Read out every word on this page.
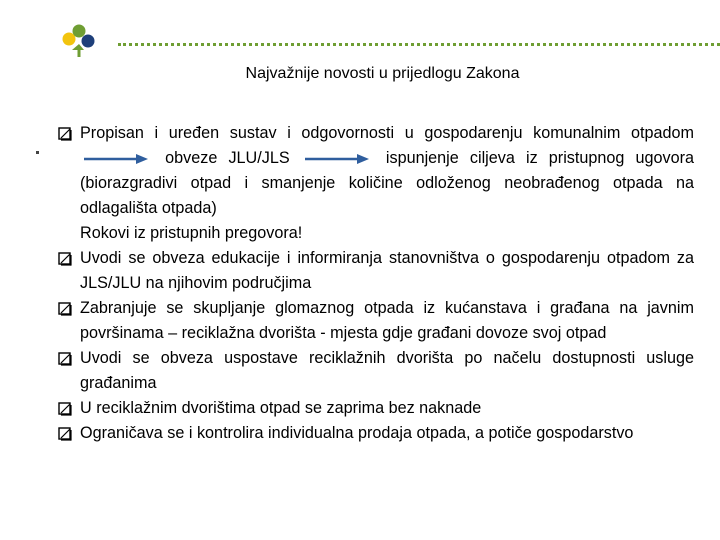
Najvažnije novosti u prijedlogu Zakona
Propisan i uređen sustav i odgovornosti u gospodarenju komunalnim otpadom  obveze JLU/JLS	ispunjenje ciljeva iz pristupnog ugovora (biorazgradivi otpad i smanjenje količine odloženog neobrađenog otpada na odlagališta otpada)
Rokovi iz pristupnih pregovora!
Uvodi se obveza edukacije i informiranja stanovništva o gospodarenju otpadom za JLS/JLU na njihovim područjima
Zabranjuje se skupljanje glomaznog otpada iz kućanstava i građana na javnim površinama – reciklažna dvorišta - mjesta gdje građani dovoze svoj otpad
Uvodi se obveza uspostave reciklažnih dvorišta po načelu dostupnosti usluge građanima
U reciklažnim dvorištima otpad se zaprima bez naknade
Ograničava se i kontrolira individualna prodaja otpada, a potiče gospodarstvo
